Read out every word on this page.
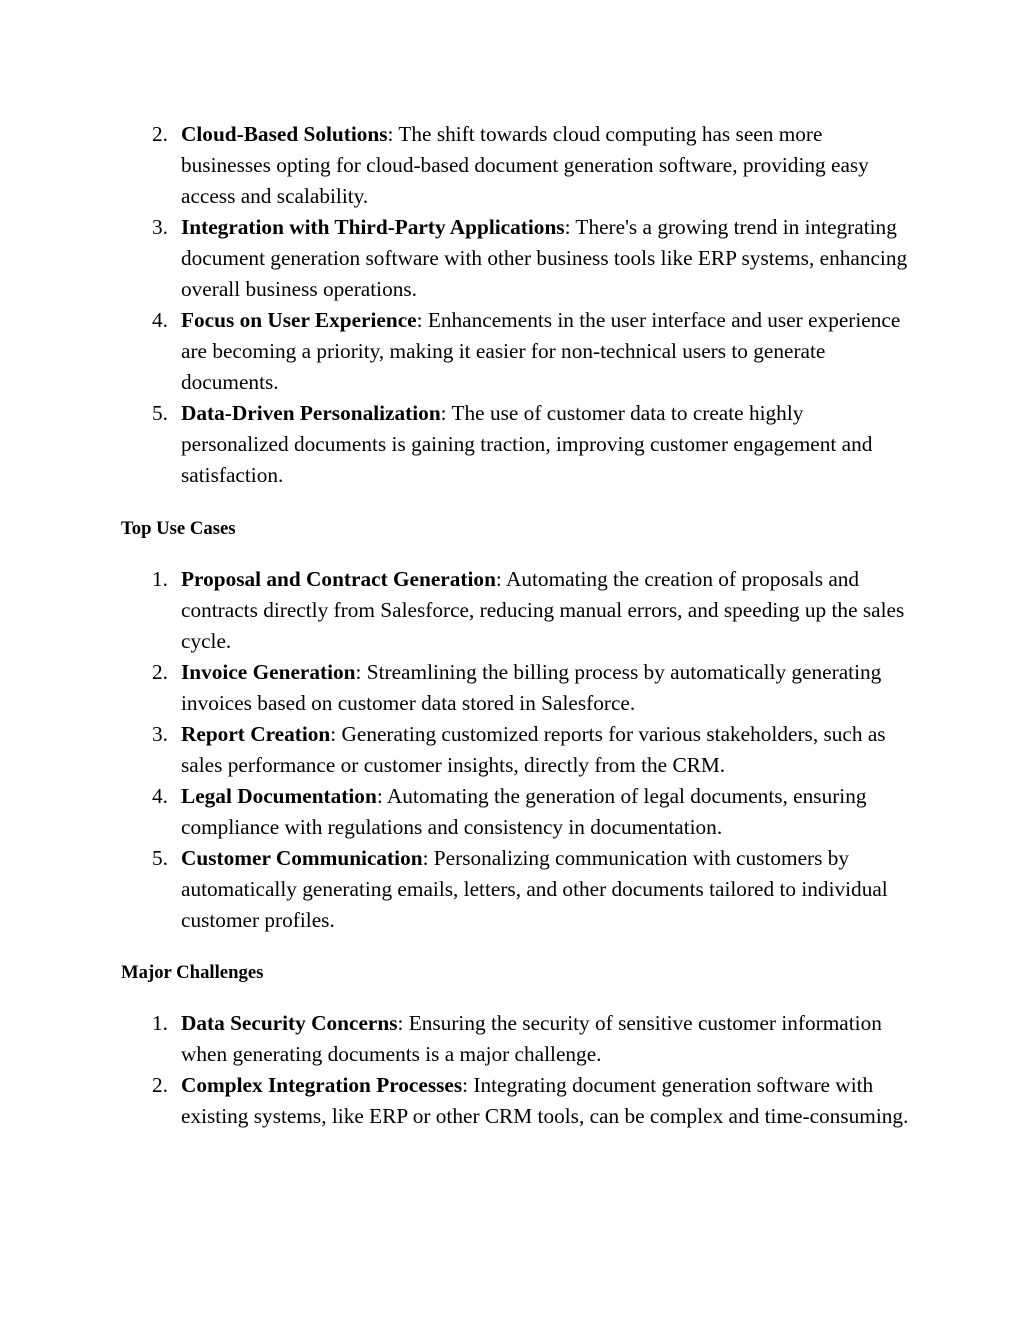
2. Cloud-Based Solutions: The shift towards cloud computing has seen more businesses opting for cloud-based document generation software, providing easy access and scalability.
3. Integration with Third-Party Applications: There's a growing trend in integrating document generation software with other business tools like ERP systems, enhancing overall business operations.
4. Focus on User Experience: Enhancements in the user interface and user experience are becoming a priority, making it easier for non-technical users to generate documents.
5. Data-Driven Personalization: The use of customer data to create highly personalized documents is gaining traction, improving customer engagement and satisfaction.
Top Use Cases
1. Proposal and Contract Generation: Automating the creation of proposals and contracts directly from Salesforce, reducing manual errors, and speeding up the sales cycle.
2. Invoice Generation: Streamlining the billing process by automatically generating invoices based on customer data stored in Salesforce.
3. Report Creation: Generating customized reports for various stakeholders, such as sales performance or customer insights, directly from the CRM.
4. Legal Documentation: Automating the generation of legal documents, ensuring compliance with regulations and consistency in documentation.
5. Customer Communication: Personalizing communication with customers by automatically generating emails, letters, and other documents tailored to individual customer profiles.
Major Challenges
1. Data Security Concerns: Ensuring the security of sensitive customer information when generating documents is a major challenge.
2. Complex Integration Processes: Integrating document generation software with existing systems, like ERP or other CRM tools, can be complex and time-consuming.
